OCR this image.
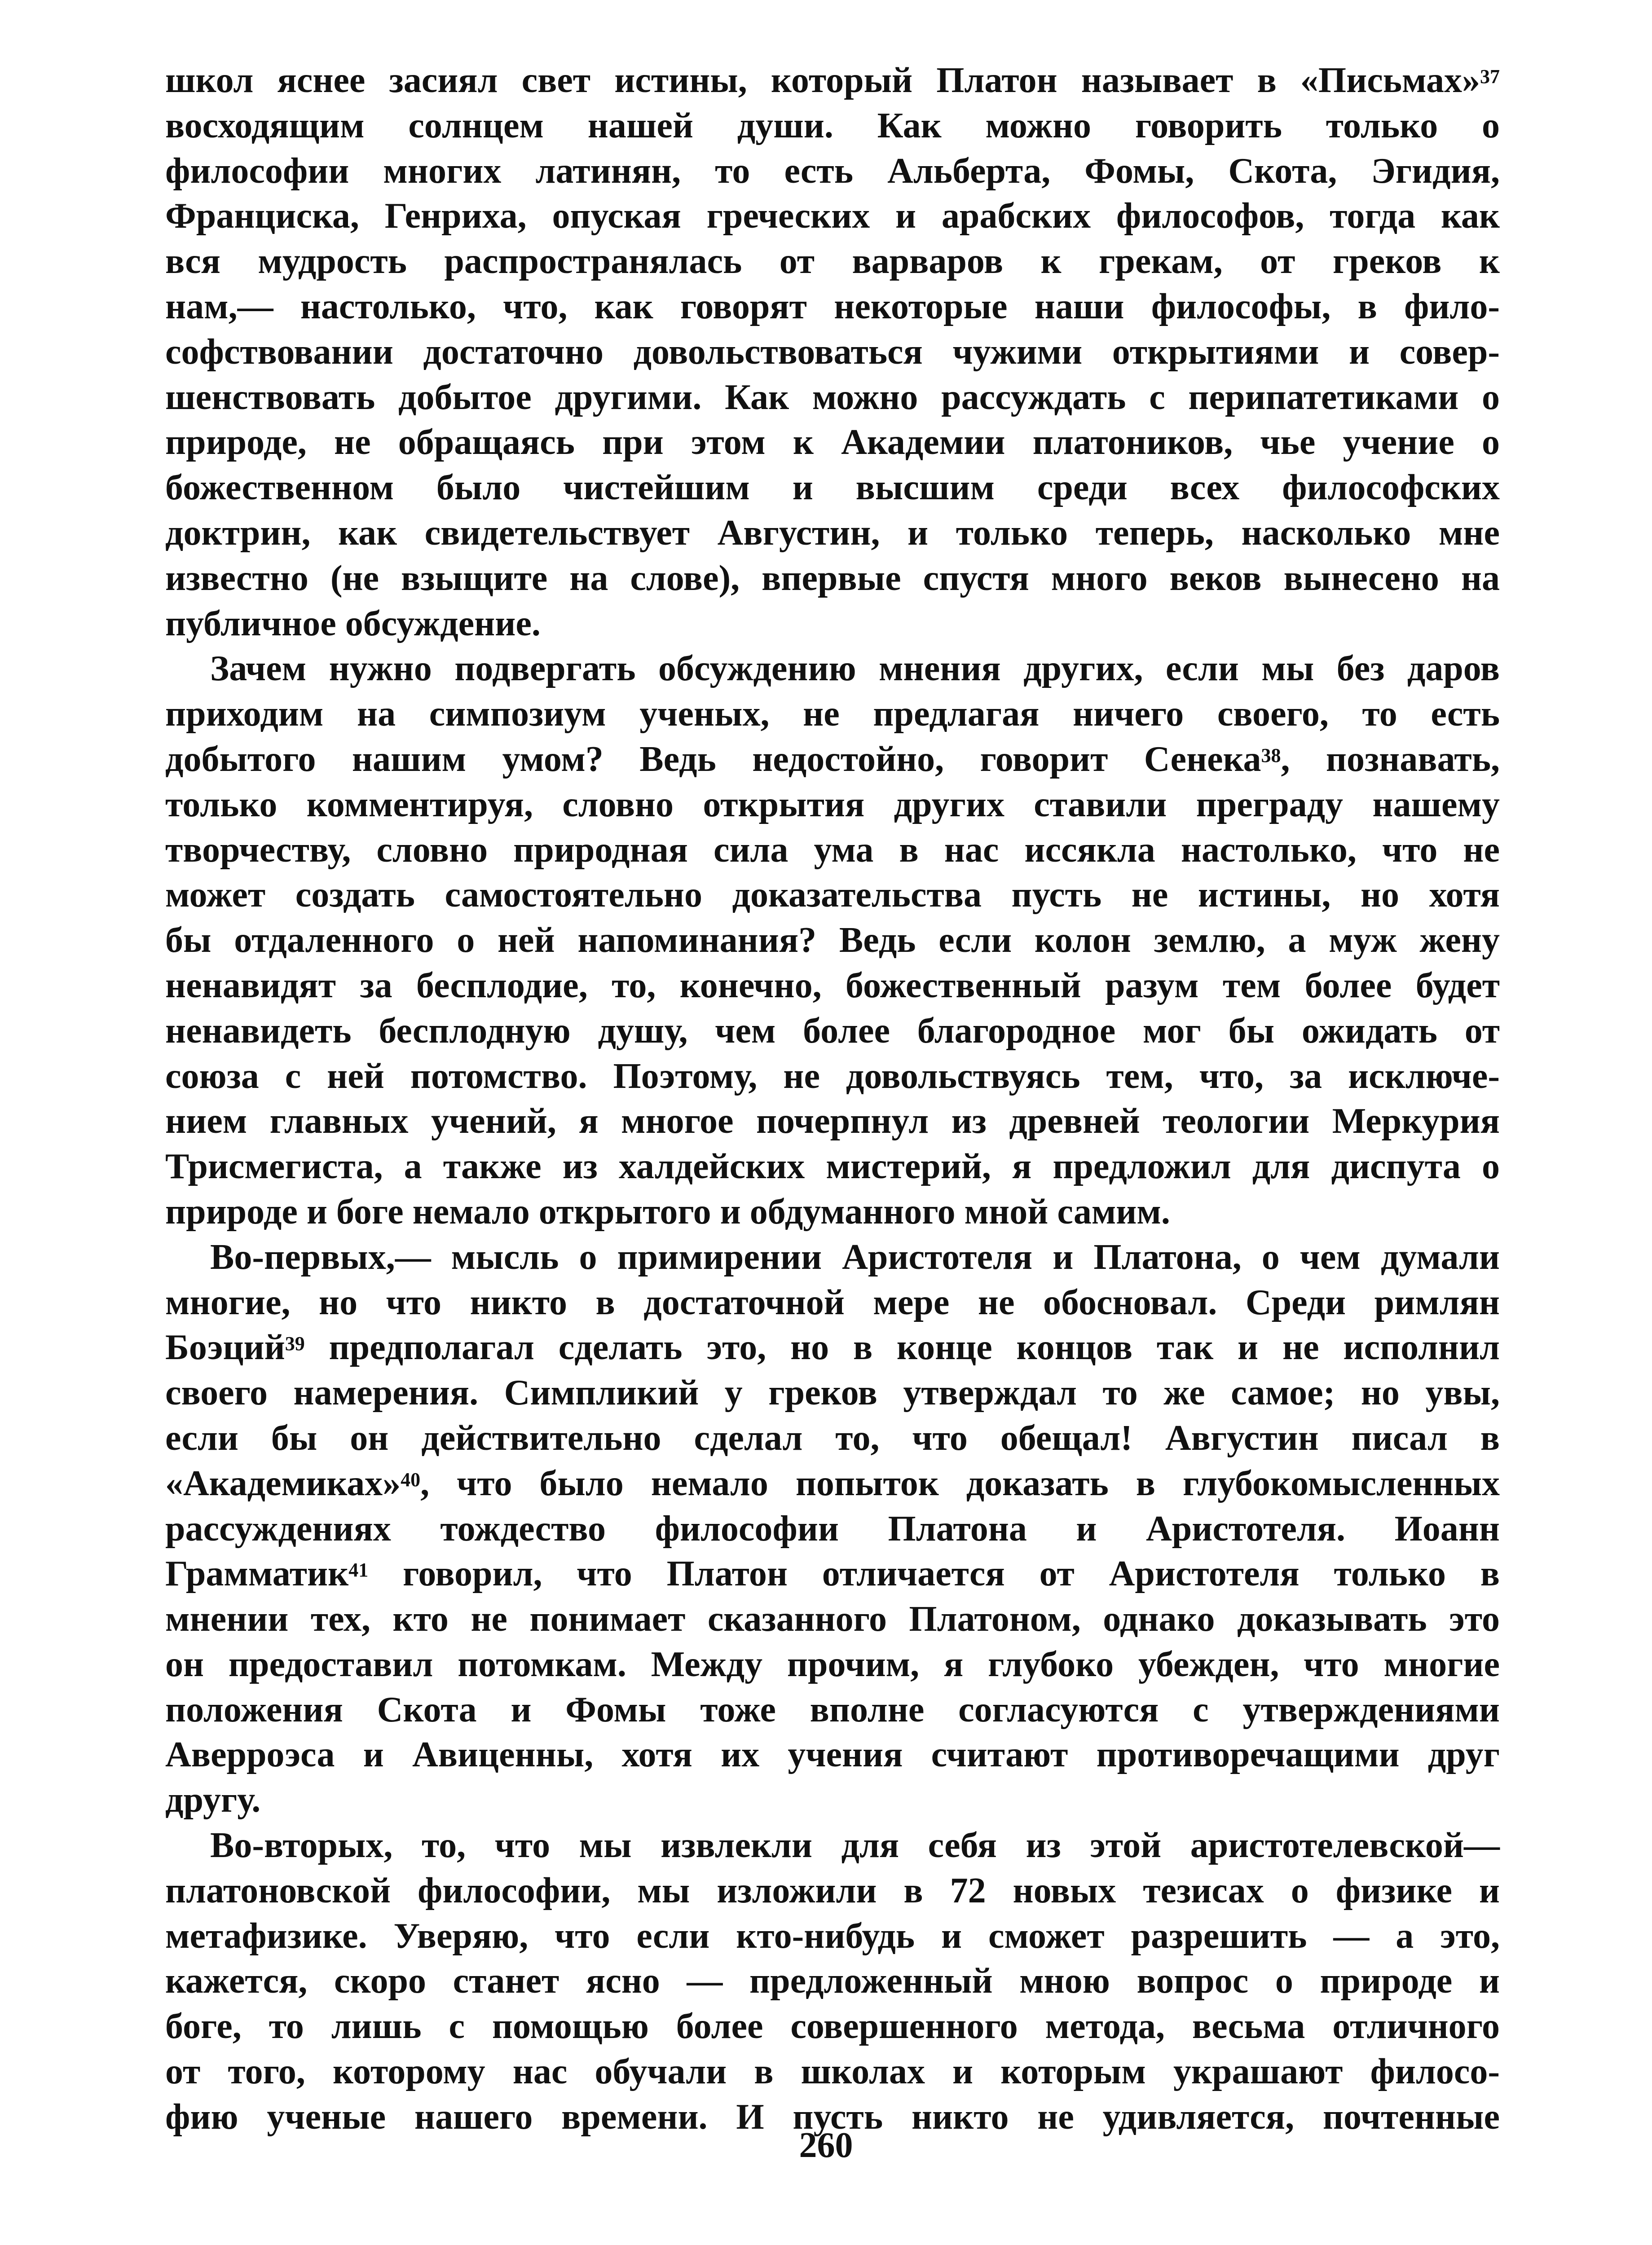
школ яснее засиял свет истины, который Платон называет в «Письмах»$^{37}$
восходящим солнцем нашей души. Как можно говорить только о
философии многих латинян, то есть Альберта, Фомы, Скота, Эгидия,
Франциска, Генриха, опуская греческих и арабских философов, тогда как
вся мудрость распространялась от варваров к грекам, от греков к
нам,— настолько, что, как говорят некоторые наши философы, в фило-
софствовании достаточно довольствоваться чужими открытиями и совер-
шенствовать добытое другими. Как можно рассуждать с перипатетиками о
природе, не обращаясь при этом к Академии платоников, чье учение о
божественном было чистейшим и высшим среди всех философских
доктрин, как свидетельствует Августин, и только теперь, насколько мне
известно (не взыщите на слове), впервые спустя много веков вынесено на
публичное обсуждение.
Зачем нужно подвергать обсуждению мнения других, если мы без даров
приходим на симпозиум ученых, не предлагая ничего своего, то есть
добытого нашим умом? Ведь недостойно, говорит Сенека$^{38}$, познавать,
только комментируя, словно открытия других ставили преграду нашему
творчеству, словно природная сила ума в нас иссякла настолько, что не
может создать самостоятельно доказательства пусть не истины, но хотя
бы отдаленного о ней напоминания? Ведь если колон землю, а муж жену
ненавидят за бесплодие, то, конечно, божественный разум тем более будет
ненавидеть бесплодную душу, чем более благородное мог бы ожидать от
союза с ней потомство. Поэтому, не довольствуясь тем, что, за исключе-
нием главных учений, я многое почерпнул из древней теологии Меркурия
Трисмегиста, а также из халдейских мистерий, я предложил для диспута о
природе и боге немало открытого и обдуманного мной самим.
Во-первых,— мысль о примирении Аристотеля и Платона, о чем думали
многие, но что никто в достаточной мере не обосновал. Среди римлян
Боэций$^{39}$ предполагал сделать это, но в конце концов так и не исполнил
своего намерения. Симпликий у греков утверждал то же самое; но увы,
если бы он действительно сделал то, что обещал! Августин писал в
«Академиках»$^{40}$, что было немало попыток доказать в глубокомысленных
рассуждениях тождество философии Платона и Аристотеля. Иоанн
Грамматик$^{41}$ говорил, что Платон отличается от Аристотеля только в
мнении тех, кто не понимает сказанного Платоном, однако доказывать это
он предоставил потомкам. Между прочим, я глубоко убежден, что многие
положения Скота и Фомы тоже вполне согласуются с утверждениями
Аверроэса и Авиценны, хотя их учения считают противоречащими друг
другу.
Во-вторых, то, что мы извлекли для себя из этой аристотелевской—
платоновской философии, мы изложили в 72 новых тезисах о физике и
метафизике. Уверяю, что если кто-нибудь и сможет разрешить — а это,
кажется, скоро станет ясно — предложенный мною вопрос о природе и
боге, то лишь с помощью более совершенного метода, весьма отличного
от того, которому нас обучали в школах и которым украшают филосо-
фию ученые нашего времени. И пусть никто не удивляется, почтенные
260
